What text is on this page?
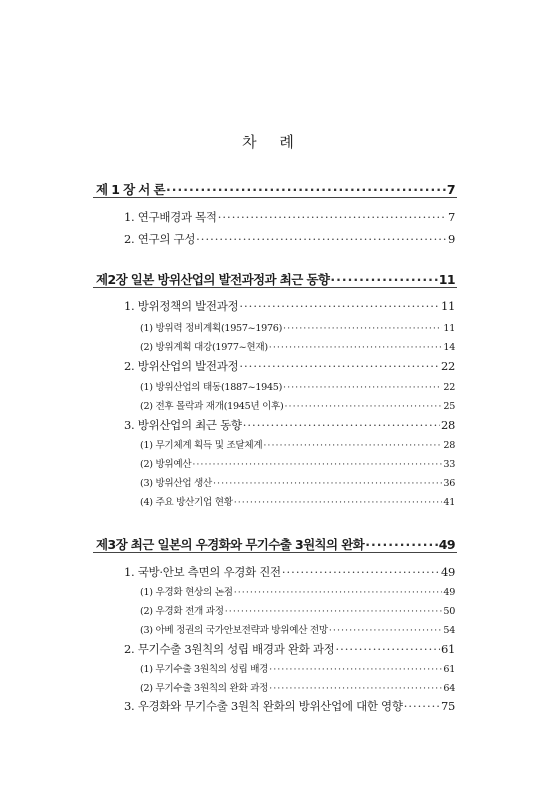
차 례
제 1 장 서 론 ·····	7
1. 연구배경과 목적 ·····	7
2. 연구의 구성 ·····	9
제2장 일본 방위산업의 발전과정과 최근 동향 ·····	11
1. 방위정책의 발전과정 ·····	11
(1) 방위력 정비계획(1957~1976) ·····	11
(2) 방위계획 대강(1977~현재) ·····	14
2. 방위산업의 발전과정 ·····	22
(1) 방위산업의 태동(1887~1945) ·····	22
(2) 전후 몰락과 재개(1945년 이후) ·····	25
3. 방위산업의 최근 동향 ·····	28
(1) 무기체계 획득 및 조달체계 ·····	28
(2) 방위예산 ·····	33
(3) 방위산업 생산 ·····	36
(4) 주요 방산기업 현황 ·····	41
제3장 최근 일본의 우경화와 무기수출 3원칙의 완화 ·····	49
1. 국방·안보 측면의 우경화 진전 ·····	49
(1) 우경화 현상의 논점 ·····	49
(2) 우경화 전개 과정 ·····	50
(3) 아베 정권의 국가안보전략과 방위예산 전망 ·····	54
2. 무기수출 3원칙의 성립 배경과 완화 과정 ·····	61
(1) 무기수출 3원칙의 성립 배경 ·····	61
(2) 무기수출 3원칙의 완화 과정 ·····	64
3. 우경화와 무기수출 3원칙 완화의 방위산업에 대한 영향 ·····	75
